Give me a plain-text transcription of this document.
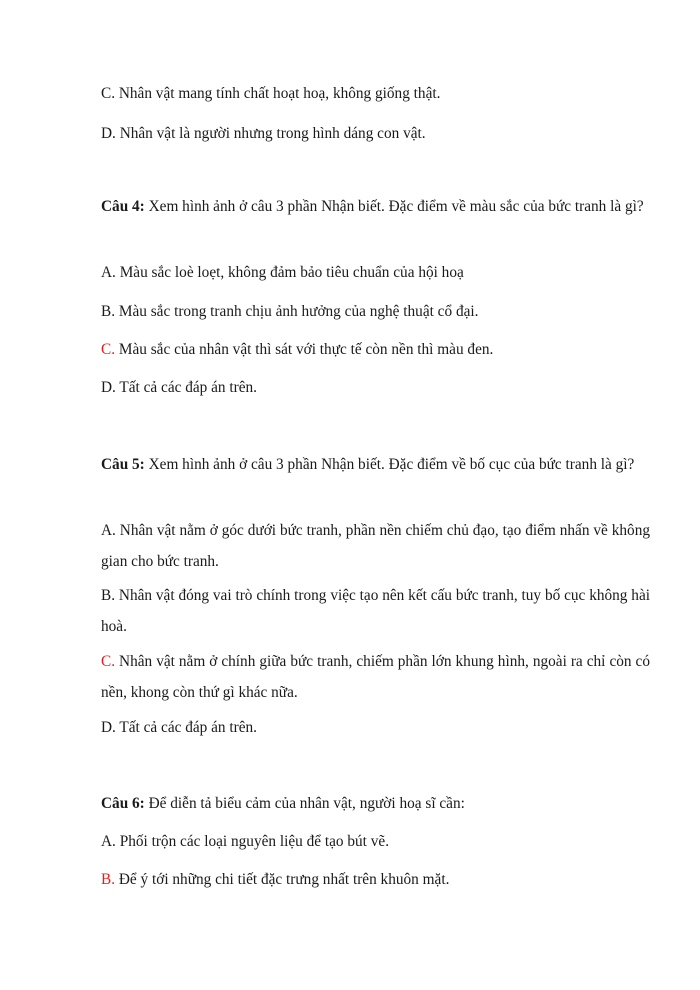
C. Nhân vật mang tính chất hoạt hoạ, không giống thật.

D. Nhân vật là người nhưng trong hình dáng con vật.

Câu 4: Xem hình ảnh ở câu 3 phần Nhận biết. Đặc điểm về màu sắc của bức tranh là gì?

A. Màu sắc loè loẹt, không đảm bảo tiêu chuẩn của hội hoạ

B. Màu sắc trong tranh chịu ảnh hưởng của nghệ thuật cổ đại.

C. Màu sắc của nhân vật thì sát với thực tế còn nền thì màu đen.

D. Tất cả các đáp án trên.

Câu 5: Xem hình ảnh ở câu 3 phần Nhận biết. Đặc điểm về bố cục của bức tranh là gì?

A. Nhân vật nằm ở góc dưới bức tranh, phần nền chiếm chủ đạo, tạo điểm nhấn về không gian cho bức tranh.

B. Nhân vật đóng vai trò chính trong việc tạo nên kết cấu bức tranh, tuy bố cục không hài hoà.

C. Nhân vật nằm ở chính giữa bức tranh, chiếm phần lớn khung hình, ngoài ra chỉ còn có nền, khong còn thứ gì khác nữa.

D. Tất cả các đáp án trên.

Câu 6: Để diễn tả biểu cảm của nhân vật, người hoạ sĩ cần:

A. Phối trộn các loại nguyên liệu để tạo bút vẽ.

B. Để ý tới những chi tiết đặc trưng nhất trên khuôn mặt.
